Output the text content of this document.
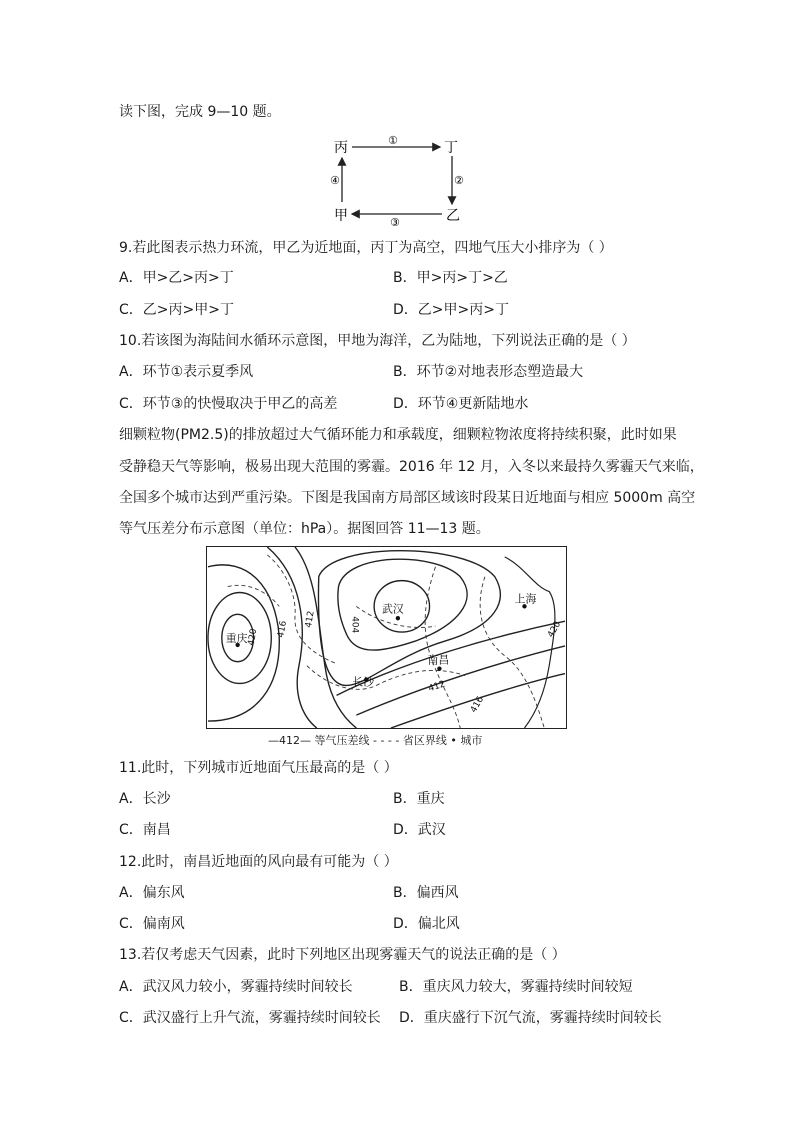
读下图，完成 9—10 题。
丙	丁
甲	乙
①
②
③
④
9.若此图表示热力环流，甲乙为近地面，丙丁为高空，四地气压大小排序为（ ）
A．甲>乙>丙>丁	B．甲>丙>丁>乙
C．乙>丙>甲>丁	D．乙>甲>丙>丁
10.若该图为海陆间水循环示意图，甲地为海洋，乙为陆地，下列说法正确的是（ ）
A．环节①表示夏季风	B．环节②对地表形态塑造最大
C．环节③的快慢取决于甲乙的高差	D．环节④更新陆地水
细颗粒物(PM2.5)的排放超过大气循环能力和承载度，细颗粒物浓度将持续积聚，此时如果
受静稳天气等影响，极易出现大范围的雾霾。2016 年 12 月，入冬以来最持久雾霾天气来临，
全国多个城市达到严重污染。下图是我国南方局部区域该时段某日近地面与相应 5000m 高空
等气压差分布示意图（单位：hPa）。据图回答 11—13 题。
重庆
武汉
上海
南昌
长沙
420 416
412	404
412
416
420
—412— 等气压差线 - - - - 省区界线 • 城市
11.此时，下列城市近地面气压最高的是（ ）
A．长沙	B．重庆
C．南昌	D．武汉
12.此时，南昌近地面的风向最有可能为（ ）
A．偏东风	B．偏西风
C．偏南风	D．偏北风
13.若仅考虑天气因素，此时下列地区出现雾霾天气的说法正确的是（ ）
A．武汉风力较小，雾霾持续时间较长	B．重庆风力较大，雾霾持续时间较短
C．武汉盛行上升气流，雾霾持续时间较长 D．重庆盛行下沉气流，雾霾持续时间较长
